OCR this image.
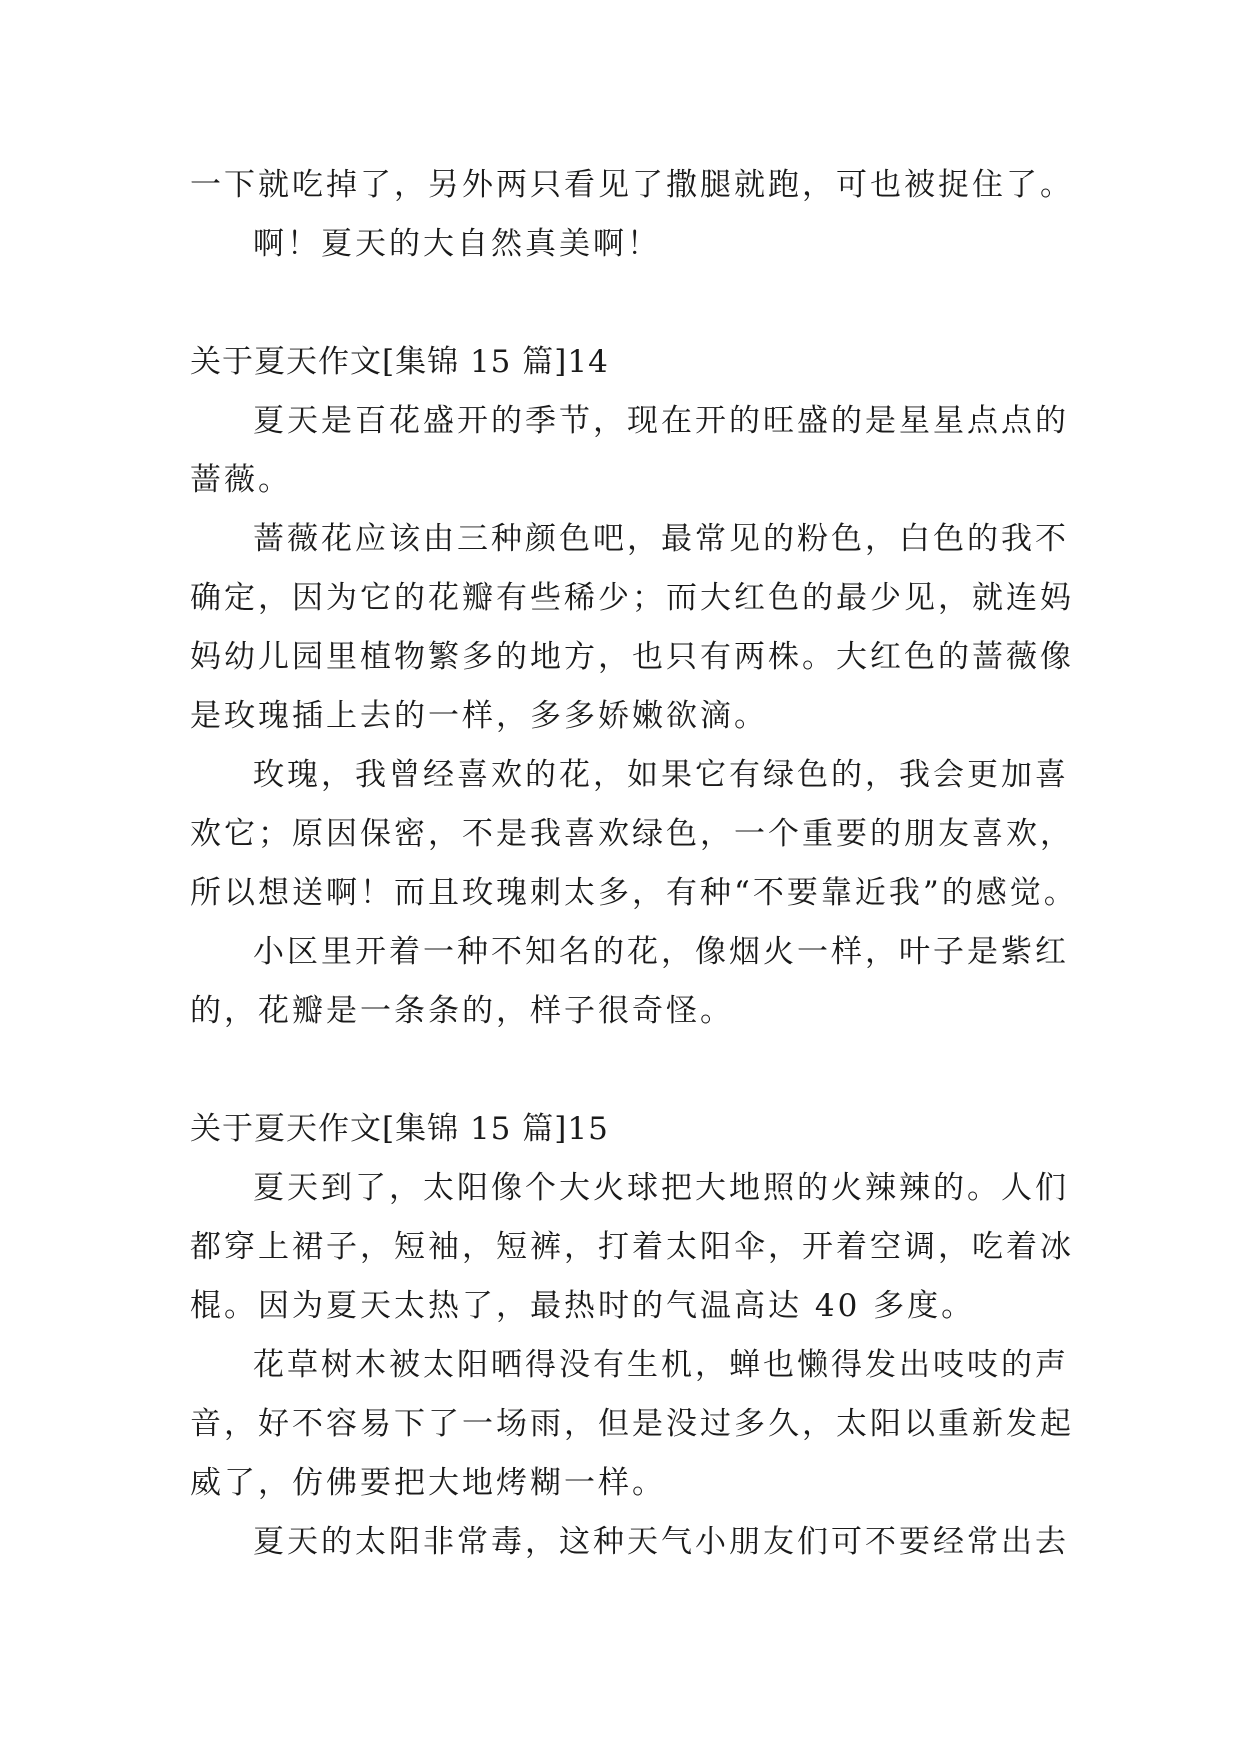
一下就吃掉了，另外两只看见了撒腿就跑，可也被捉住了。
啊！夏天的大自然真美啊！
关于夏天作文[集锦 15 篇]14
夏天是百花盛开的季节，现在开的旺盛的是星星点点的
蔷薇。
蔷薇花应该由三种颜色吧，最常见的粉色，白色的我不
确定，因为它的花瓣有些稀少；而大红色的最少见，就连妈
妈幼儿园里植物繁多的地方，也只有两株。大红色的蔷薇像
是玫瑰插上去的一样，多多娇嫩欲滴。
玫瑰，我曾经喜欢的花，如果它有绿色的，我会更加喜
欢它；原因保密，不是我喜欢绿色，一个重要的朋友喜欢，
所以想送啊！而且玫瑰刺太多，有种“不要靠近我”的感觉。
小区里开着一种不知名的花，像烟火一样，叶子是紫红
的，花瓣是一条条的，样子很奇怪。
关于夏天作文[集锦 15 篇]15
夏天到了，太阳像个大火球把大地照的火辣辣的。人们
都穿上裙子，短袖，短裤，打着太阳伞，开着空调，吃着冰
棍。因为夏天太热了，最热时的气温高达 40 多度。
花草树木被太阳晒得没有生机，蝉也懒得发出吱吱的声
音，好不容易下了一场雨，但是没过多久，太阳以重新发起
威了，仿佛要把大地烤糊一样。
夏天的太阳非常毒，这种天气小朋友们可不要经常出去
